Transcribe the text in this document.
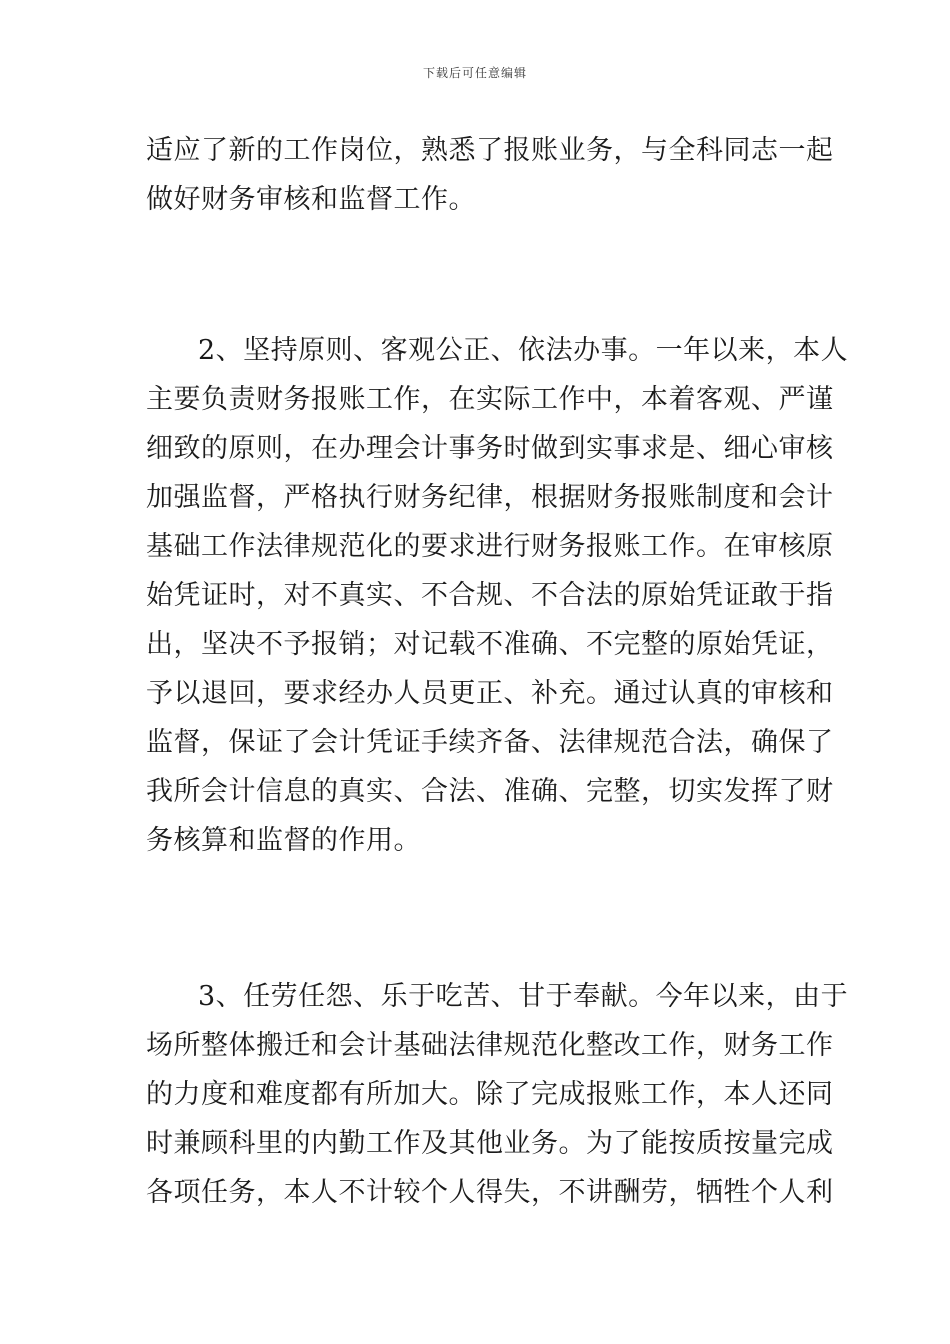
下载后可任意编辑
适应了新的工作岗位，熟悉了报账业务，与全科同志一起
做好财务审核和监督工作。
2、坚持原则、客观公正、依法办事。一年以来，本人
主要负责财务报账工作，在实际工作中，本着客观、严谨
细致的原则，在办理会计事务时做到实事求是、细心审核
加强监督，严格执行财务纪律，根据财务报账制度和会计
基础工作法律规范化的要求进行财务报账工作。在审核原
始凭证时，对不真实、不合规、不合法的原始凭证敢于指
出，坚决不予报销；对记载不准确、不完整的原始凭证，
予以退回，要求经办人员更正、补充。通过认真的审核和
监督，保证了会计凭证手续齐备、法律规范合法，确保了
我所会计信息的真实、合法、准确、完整，切实发挥了财
务核算和监督的作用。
3、任劳任怨、乐于吃苦、甘于奉献。今年以来，由于
场所整体搬迁和会计基础法律规范化整改工作，财务工作
的力度和难度都有所加大。除了完成报账工作，本人还同
时兼顾科里的内勤工作及其他业务。为了能按质按量完成
各项任务，本人不计较个人得失，不讲酬劳，牺牲个人利
